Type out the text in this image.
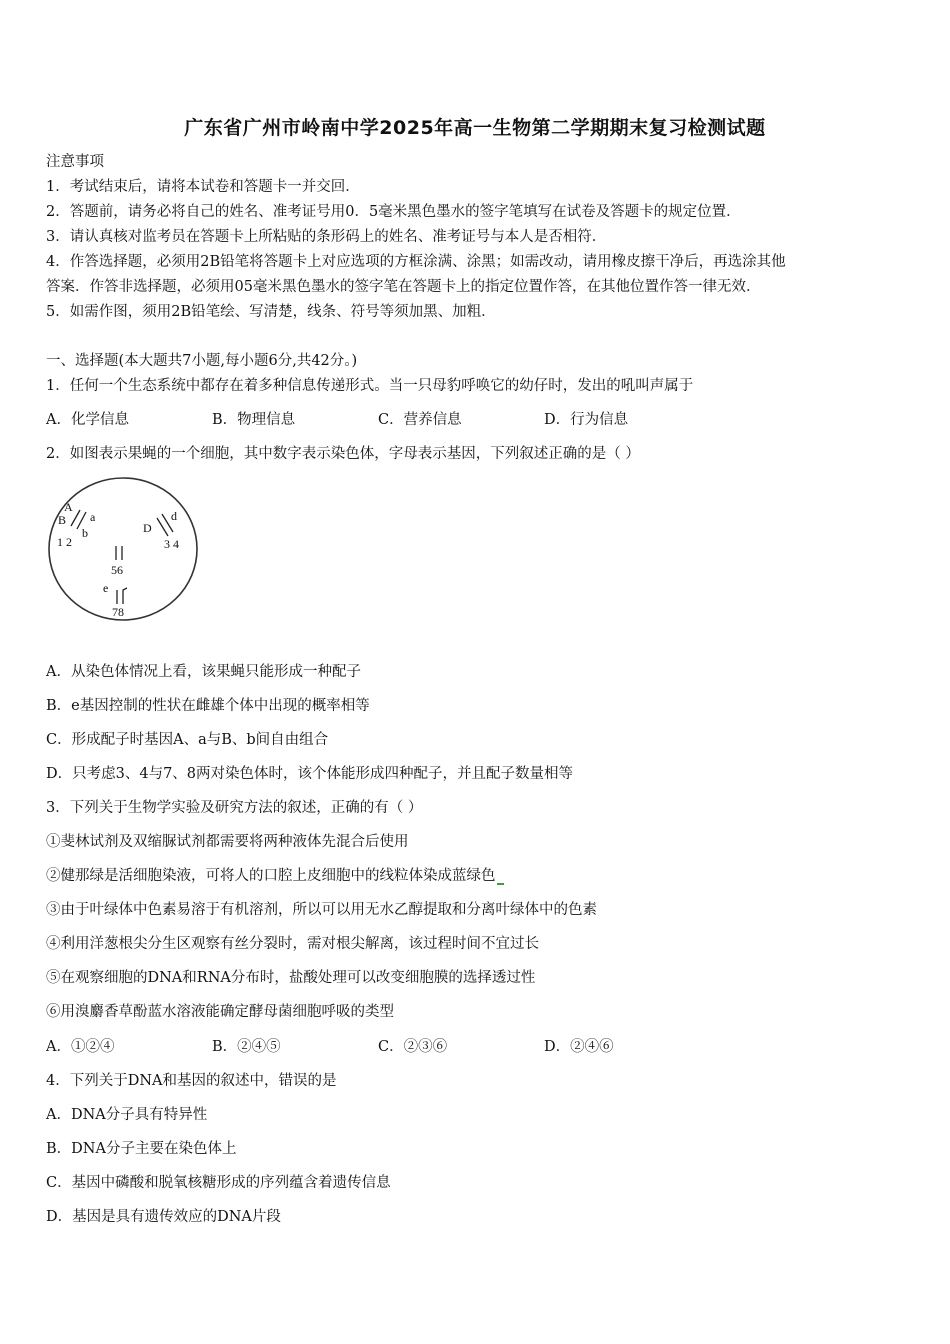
广东省广州市岭南中学2025年高一生物第二学期期末复习检测试题
注意事项
1．考试结束后，请将本试卷和答题卡一并交回．
2．答题前，请务必将自己的姓名、准考证号用0．5毫米黑色墨水的签字笔填写在试卷及答题卡的规定位置．
3．请认真核对监考员在答题卡上所粘贴的条形码上的姓名、准考证号与本人是否相符．
4．作答选择题，必须用2B铅笔将答题卡上对应选项的方框涂满、涂黑；如需改动，请用橡皮擦干净后，再选涂其他
答案．作答非选择题，必须用05毫米黑色墨水的签字笔在答题卡上的指定位置作答，在其他位置作答一律无效．
5．如需作图，须用2B铅笔绘、写清楚，线条、符号等须加黑、加粗．
一、选择题(本大题共7小题,每小题6分,共42分。)
1．任何一个生态系统中都存在着多种信息传递形式。当一只母豹呼唤它的幼仔时，发出的吼叫声属于
A．化学信息	B．物理信息	C．营养信息	D．行为信息
2．如图表示果蝇的一个细胞，其中数字表示染色体，字母表示基因，下列叙述正确的是（ ）
A
B a
b
1 2
D
d
3 4
56
e
78
A．从染色体情况上看，该果蝇只能形成一种配子
B．e基因控制的性状在雌雄个体中出现的概率相等
C．形成配子时基因A、a与B、b间自由组合
D．只考虑3、4与7、8两对染色体时，该个体能形成四种配子，并且配子数量相等
3．下列关于生物学实验及研究方法的叙述，正确的有（ ）
①斐林试剂及双缩脲试剂都需要将两种液体先混合后使用
②健那绿是活细胞染液，可将人的口腔上皮细胞中的线粒体染成蓝绿色
③由于叶绿体中色素易溶于有机溶剂，所以可以用无水乙醇提取和分离叶绿体中的色素
④利用洋葱根尖分生区观察有丝分裂时，需对根尖解离，该过程时间不宜过长
⑤在观察细胞的DNA和RNA分布时，盐酸处理可以改变细胞膜的选择透过性
⑥用溴麝香草酚蓝水溶液能确定酵母菌细胞呼吸的类型
A．①②④	B．②④⑤	C．②③⑥	D．②④⑥
4．下列关于DNA和基因的叙述中，错误的是
A．DNA分子具有特异性
B．DNA分子主要在染色体上
C．基因中磷酸和脱氧核糖形成的序列蕴含着遗传信息
D．基因是具有遗传效应的DNA片段
